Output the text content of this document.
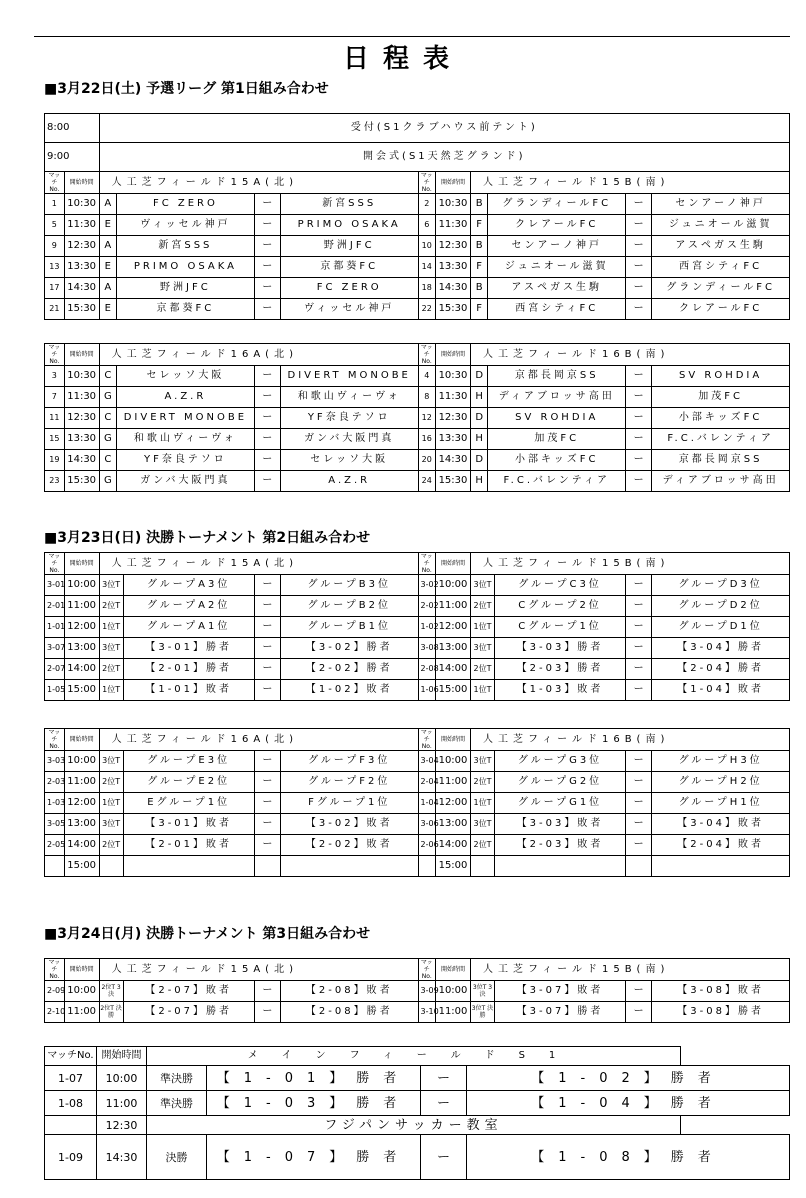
日程表
■3月22日(土) 予選リーグ 第1日組み合わせ
8:00		受付(S1クラブハウス前テント)									
9:00		開会式(S1天然芝グランド)									
マッチNo.	開始時間	人工芝フィールド15A(北)				マッチNo.	開始時間	人工芝フィールド15B(南)			
1	10:30	A	FC ZERO	ー	新宮SSS	2	10:30	B	グランディールFC	ー	センアーノ神戸
5	11:30	E	ヴィッセル神戸	ー	PRIMO OSAKA	6	11:30	F	クレアールFC	ー	ジュニオール滋賀
9	12:30	A	新宮SSS	ー	野洲JFC	10	12:30	B	センアーノ神戸	ー	アスペガス生駒
13	13:30	E	PRIMO OSAKA	ー	京都葵FC	14	13:30	F	ジュニオール滋賀	ー	西宮シティFC
17	14:30	A	野洲JFC	ー	FC ZERO	18	14:30	B	アスペガス生駒	ー	グランディールFC
21	15:30	E	京都葵FC	ー	ヴィッセル神戸	22	15:30	F	西宮シティFC	ー	クレアールFC
マッチNo.	開始時間	人工芝フィールド16A(北)				マッチNo.	開始時間	人工芝フィールド16B(南)			
3	10:30	C	セレッソ大阪	ー	DIVERT MONOBE	4	10:30	D	京都長岡京SS	ー	SV ROHDIA
7	11:30	G	A.Z.R	ー	和歌山ヴィーヴォ	8	11:30	H	ディアブロッサ高田	ー	加茂FC
11	12:30	C	DIVERT MONOBE	ー	YF奈良テソロ	12	12:30	D	SV ROHDIA	ー	小部キッズFC
15	13:30	G	和歌山ヴィーヴォ	ー	ガンバ大阪門真	16	13:30	H	加茂FC	ー	F.C.バレンティア
19	14:30	C	YF奈良テソロ	ー	セレッソ大阪	20	14:30	D	小部キッズFC	ー	京都長岡京SS
23	15:30	G	ガンバ大阪門真	ー	A.Z.R	24	15:30	H	F.C.バレンティア	ー	ディアブロッサ高田
■3月23日(日) 決勝トーナメント 第2日組み合わせ
マッチNo.	開始時間	人工芝フィールド15A(北)				マッチNo.	開始時間	人工芝フィールド15B(南)			
3-01	10:00	3位T	グループA3位	ー	グループB3位	3-02	10:00	3位T	グループC3位	ー	グループD3位
2-01	11:00	2位T	グループA2位	ー	グループB2位	2-02	11:00	2位T	Cグループ2位	ー	グループD2位
1-01	12:00	1位T	グループA1位	ー	グループB1位	1-02	12:00	1位T	Cグループ1位	ー	グループD1位
3-07	13:00	3位T	【3-01】勝者	ー	【3-02】勝者	3-08	13:00	3位T	【3-03】勝者	ー	【3-04】勝者
2-07	14:00	2位T	【2-01】勝者	ー	【2-02】勝者	2-08	14:00	2位T	【2-03】勝者	ー	【2-04】勝者
1-05	15:00	1位T	【1-01】敗者	ー	【1-02】敗者	1-06	15:00	1位T	【1-03】敗者	ー	【1-04】敗者
マッチNo.	開始時間	人工芝フィールド16A(北)				マッチNo.	開始時間	人工芝フィールド16B(南)			
3-03	10:00	3位T	グループE3位	ー	グループF3位	3-04	10:00	3位T	グループG3位	ー	グループH3位
2-03	11:00	2位T	グループE2位	ー	グループF2位	2-04	11:00	2位T	グループG2位	ー	グループH2位
1-03	12:00	1位T	Eグループ1位	ー	Fグループ1位	1-04	12:00	1位T	グループG1位	ー	グループH1位
3-05	13:00	3位T	【3-01】敗者	ー	【3-02】敗者	3-06	13:00	3位T	【3-03】敗者	ー	【3-04】敗者
2-05	14:00	2位T	【2-01】敗者	ー	【2-02】敗者	2-06	14:00	2位T	【2-03】敗者	ー	【2-04】敗者
	15:00						15:00				
■3月24日(月) 決勝トーナメント 第3日組み合わせ
マッチNo.	開始時間	人工芝フィールド15A(北)				マッチNo.	開始時間	人工芝フィールド15B(南)			
2-09	10:00	2位T 3決	【2-07】敗者	ー	【2-08】敗者	3-09	10:00	3位T 3決	【3-07】敗者	ー	【3-08】敗者
2-10	11:00	2位T 決勝	【2-07】勝者	ー	【2-08】勝者	3-10	11:00	3位T 決勝	【3-07】勝者	ー	【3-08】勝者
マッチNo.	開始時間	メインフィールドS1			
1-07	10:00	準決勝	【1-01】勝者	ー	【1-02】勝者
1-08	11:00	準決勝	【1-03】勝者	ー	【1-04】勝者
	12:30	フジパンサッカー教室			
1-09	14:30	決勝	【1-07】勝者	ー	【1-08】勝者
